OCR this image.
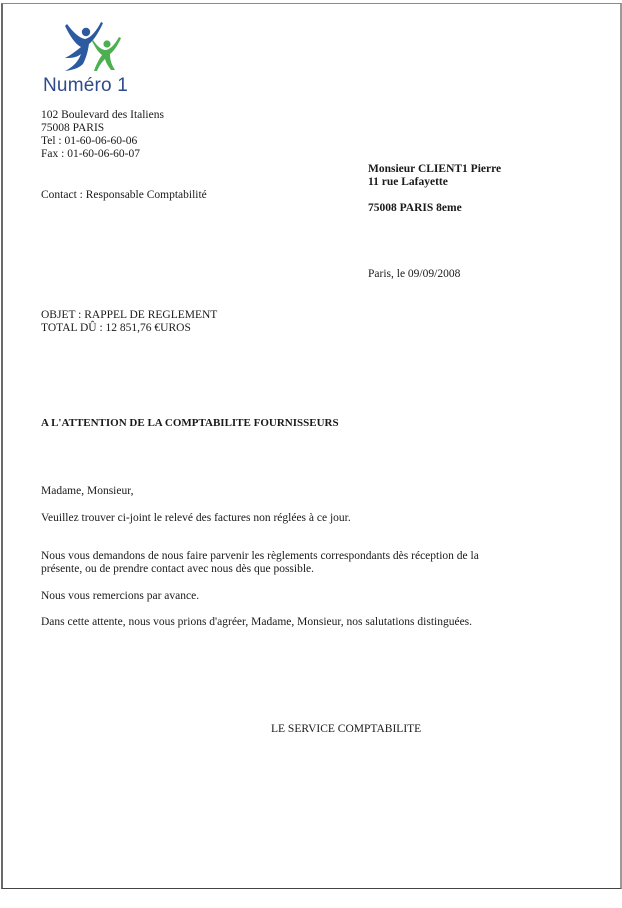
Numéro 1
102 Boulevard des Italiens
75008 PARIS
Tel : 01-60-06-60-06
Fax : 01-60-06-60-07
Contact : Responsable Comptabilité
Monsieur CLIENT1 Pierre
11 rue Lafayette
75008 PARIS 8eme
Paris, le 09/09/2008
OBJET : RAPPEL DE REGLEMENT
TOTAL DÛ : 12 851,76 €UROS
A L'ATTENTION DE LA COMPTABILITE FOURNISSEURS
Madame, Monsieur,
Veuillez trouver ci-joint le relevé des factures non réglées à ce jour.
Nous vous demandons de nous faire parvenir les règlements correspondants dès réception de la
présente, ou de prendre contact avec nous dès que possible.
Nous vous remercions par avance.
Dans cette attente, nous vous prions d'agréer, Madame, Monsieur, nos salutations distinguées.
LE SERVICE COMPTABILITE
